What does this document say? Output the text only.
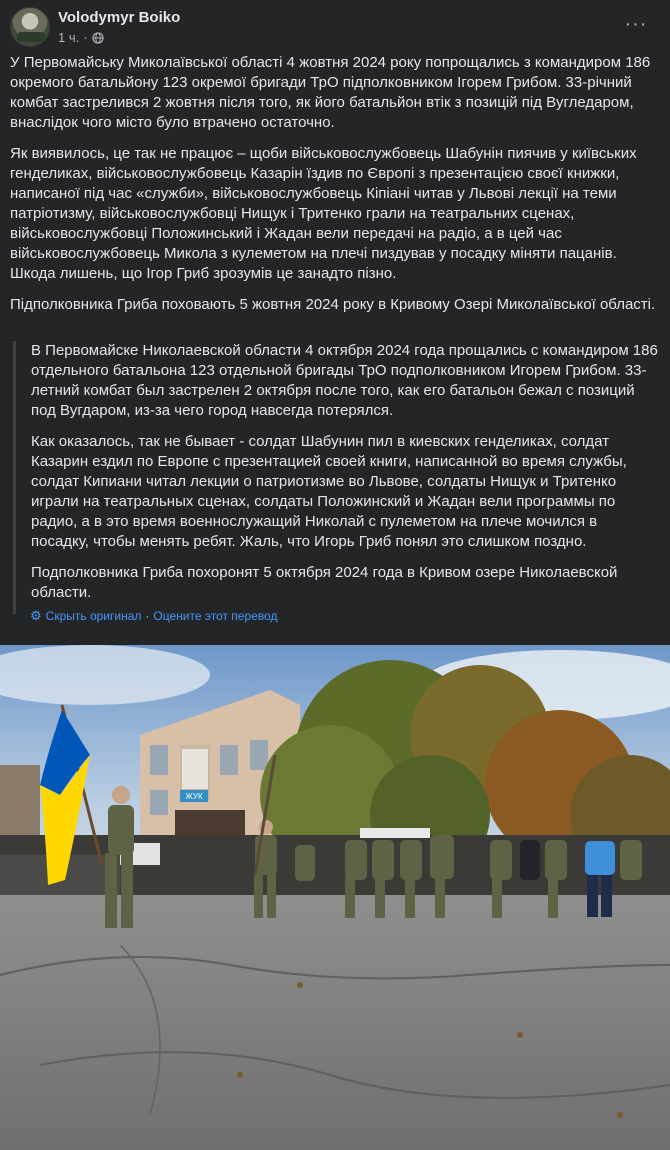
Volodymyr Boiko
1 ч. ·
···

У Первомайську Миколаївської області 4 жовтня 2024 року попрощались з командиром 186 окремого батальйону 123 окремої бригади ТрО підполковником Ігорем Грибом. 33-річний комбат застрелився 2 жовтня після того, як його батальйон втік з позицій під Вугледаром, внаслідок чого місто було втрачено остаточно.

Як виявилось, це так не працює – щоби військовослужбовець Шабунін пиячив у київських генделиках, військовослужбовець Казарін їздив по Європі з презентацією своєї книжки, написаної під час «служби», військовослужбовець Кіпіані читав у Львові лекції на теми патріотизму, військовослужбовці Нищук і Тритенко грали на театральних сценах, військовослужбовці Положинський і Жадан вели передачі на радіо, а в цей час військовослужбовець Микола з кулеметом на плечі пиздував у посадку міняти пацанів. Шкода лишень, що Ігор Гриб зрозумів це занадто пізно.

Підполковника Гриба поховають 5 жовтня 2024 року в Кривому Озері Миколаївської області.

В Первомайске Николаевской области 4 октября 2024 года прощались с командиром 186 отдельного батальона 123 отдельной бригады ТрО подполковником Игорем Грибом. 33-летний комбат был застрелен 2 октября после того, как его батальон бежал с позиций под Вугдаром, из-за чего город навсегда потерялся.

Как оказалось, так не бывает - солдат Шабунин пил в киевских генделиках, солдат Казарин ездил по Европе с презентацией своей книги, написанной во время службы, солдат Кипиани читал лекции о патриотизме во Львове, солдаты Нищук и Тритенко играли на театральных сценах, солдаты Положинский и Жадан вели программы по радио, а в это время военнослужащий Николай с пулеметом на плече мочился в посадку, чтобы менять ребят. Жаль, что Игорь Гриб понял это слишком поздно.

Подполковника Гриба похоронят 5 октября 2024 года в Кривом озере Николаевской области.

⚙ Скрыть оригинал · Оцените этот перевод
ЖУК
